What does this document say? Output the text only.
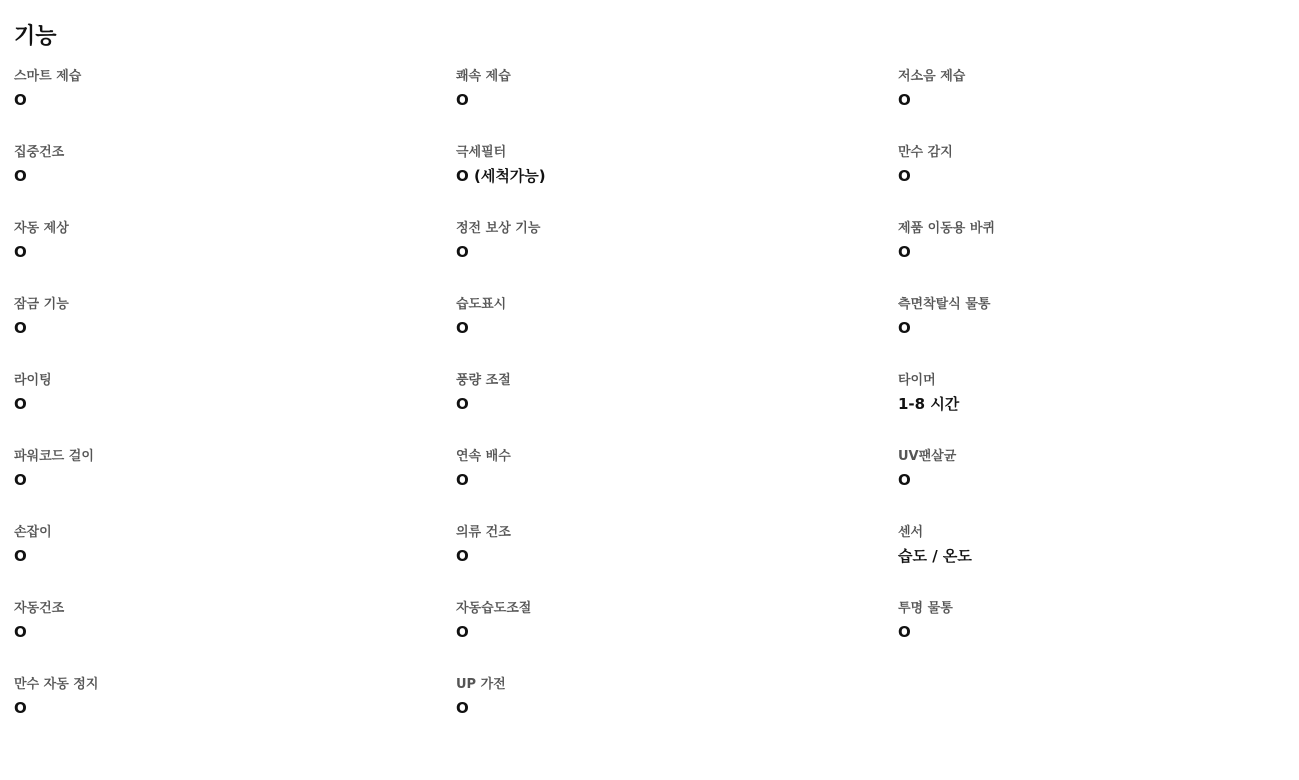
기능
스마트 제습
O
쾌속 제습
O
저소음 제습
O
집중건조
O
극세필터
O (세척가능)
만수 감지
O
자동 제상
O
정전 보상 기능
O
제품 이동용 바퀴
O
잠금 기능
O
습도표시
O
측면착탈식 물통
O
라이팅
O
풍량 조절
O
타이머
1-8 시간
파워코드 걸이
O
연속 배수
O
UV팬살균
O
손잡이
O
의류 건조
O
센서
습도 / 온도
자동건조
O
자동습도조절
O
투명 물통
O
만수 자동 정지
O
UP 가전
O
